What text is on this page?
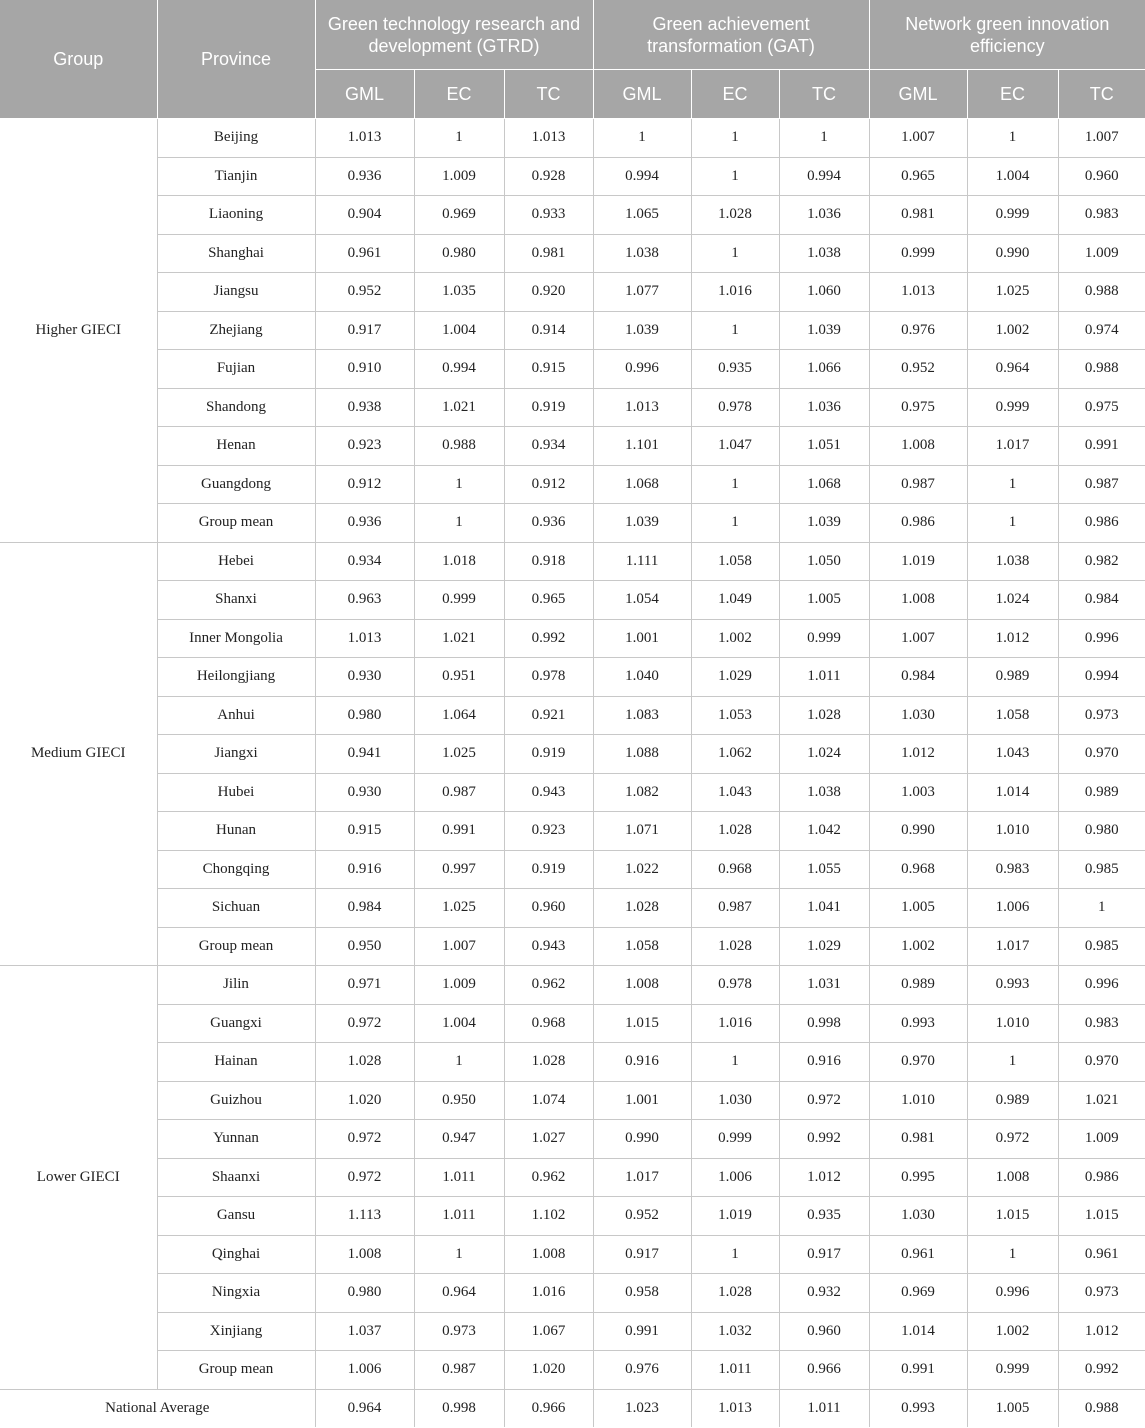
Group	Province	Green technology research and development (GTRD)			Green achievement transformation (GAT)			Network green innovation efficiency		
		GML	EC	TC	GML	EC	TC	GML	EC	TC
Higher GIECI	Beijing	1.013	1	1.013	1	1	1	1.007	1	1.007
	Tianjin	0.936	1.009	0.928	0.994	1	0.994	0.965	1.004	0.960
	Liaoning	0.904	0.969	0.933	1.065	1.028	1.036	0.981	0.999	0.983
	Shanghai	0.961	0.980	0.981	1.038	1	1.038	0.999	0.990	1.009
	Jiangsu	0.952	1.035	0.920	1.077	1.016	1.060	1.013	1.025	0.988
	Zhejiang	0.917	1.004	0.914	1.039	1	1.039	0.976	1.002	0.974
	Fujian	0.910	0.994	0.915	0.996	0.935	1.066	0.952	0.964	0.988
	Shandong	0.938	1.021	0.919	1.013	0.978	1.036	0.975	0.999	0.975
	Henan	0.923	0.988	0.934	1.101	1.047	1.051	1.008	1.017	0.991
	Guangdong	0.912	1	0.912	1.068	1	1.068	0.987	1	0.987
	Group mean	0.936	1	0.936	1.039	1	1.039	0.986	1	0.986
Medium GIECI	Hebei	0.934	1.018	0.918	1.111	1.058	1.050	1.019	1.038	0.982
	Shanxi	0.963	0.999	0.965	1.054	1.049	1.005	1.008	1.024	0.984
	Inner Mongolia	1.013	1.021	0.992	1.001	1.002	0.999	1.007	1.012	0.996
	Heilongjiang	0.930	0.951	0.978	1.040	1.029	1.011	0.984	0.989	0.994
	Anhui	0.980	1.064	0.921	1.083	1.053	1.028	1.030	1.058	0.973
	Jiangxi	0.941	1.025	0.919	1.088	1.062	1.024	1.012	1.043	0.970
	Hubei	0.930	0.987	0.943	1.082	1.043	1.038	1.003	1.014	0.989
	Hunan	0.915	0.991	0.923	1.071	1.028	1.042	0.990	1.010	0.980
	Chongqing	0.916	0.997	0.919	1.022	0.968	1.055	0.968	0.983	0.985
	Sichuan	0.984	1.025	0.960	1.028	0.987	1.041	1.005	1.006	1
	Group mean	0.950	1.007	0.943	1.058	1.028	1.029	1.002	1.017	0.985
Lower GIECI	Jilin	0.971	1.009	0.962	1.008	0.978	1.031	0.989	0.993	0.996
	Guangxi	0.972	1.004	0.968	1.015	1.016	0.998	0.993	1.010	0.983
	Hainan	1.028	1	1.028	0.916	1	0.916	0.970	1	0.970
	Guizhou	1.020	0.950	1.074	1.001	1.030	0.972	1.010	0.989	1.021
	Yunnan	0.972	0.947	1.027	0.990	0.999	0.992	0.981	0.972	1.009
	Shaanxi	0.972	1.011	0.962	1.017	1.006	1.012	0.995	1.008	0.986
	Gansu	1.113	1.011	1.102	0.952	1.019	0.935	1.030	1.015	1.015
	Qinghai	1.008	1	1.008	0.917	1	0.917	0.961	1	0.961
	Ningxia	0.980	0.964	1.016	0.958	1.028	0.932	0.969	0.996	0.973
	Xinjiang	1.037	0.973	1.067	0.991	1.032	0.960	1.014	1.002	1.012
	Group mean	1.006	0.987	1.020	0.976	1.011	0.966	0.991	0.999	0.992
National Average		0.964	0.998	0.966	1.023	1.013	1.011	0.993	1.005	0.988
